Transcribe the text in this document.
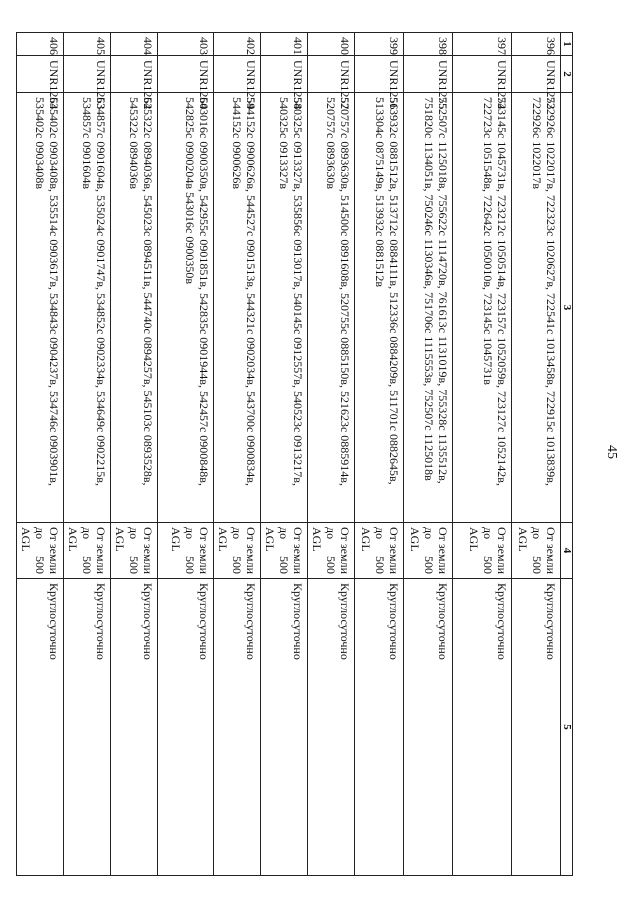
45
1	2	3	4	5
396	UNR1253	722926с 1022017в, 722323с 1020627в, 722541с 1013458в, 722915с 1013839в, 722926с 1022017в	От земли до 500 AGL	Круглосуточно
397	UNR1254	723145с 1045731в, 723212с 1050514в, 723157с 1052059в, 723127с 1052142в, 722723с 1051548в, 722642с 1050010в, 723145с 1045731в	От земли до 500 AGL	Круглосуточно
398	UNR1255	752507с 1125018в, 755622с 1114720в, 761613с 1131019в, 755328с 1135512в, 751820с 1134051в, 750246с 1130346в, 751706с 1115553в, 752507с 1125018в	От земли до 500 AGL	Круглосуточно
399	UNR1256	513932с 0881512в, 513712с 0884111в, 512336с 0884209в, 511701с 0882645в, 513304с 0875149в, 513932с 0881512в	От земли до 500 AGL	Круглосуточно
400	UNR1257	520757с 0893630в, 514500с 0891608в, 520755с 0885150в, 521623с 0885914в, 520757с 0893630в	От земли до 500 AGL	Круглосуточно
401	UNR1258	540325с 0913327в, 535856с 0913017в, 540145с 0912557в, 540523с 0913217в, 540325с 0913327в	От земли до 500 AGL	Круглосуточно
402	UNR1259	544152с 0900626в, 544527с 0901513в, 544321с 0902034в, 543700с 0900834в, 544152с 0900626в	От земли до 500 AGL	Круглосуточно
403	UNR1260	543016с 0900350в, 542955с 0901851в, 542835с 0901944в, 542457с 0900848в, 542825с 0900204в 543016с 0900350в	От земли до 500 AGL	Круглосуточно
404	UNR1262	545322с 0894036в, 545023с 0894511в, 544740с 0894257в, 545103с 0893528в, 545322с 0894036в	От земли до 500 AGL	Круглосуточно
405	UNR1263	534857с 0901604в, 535024с 0901747в, 534852с 0902334в, 534649с 0902215в, 534857с 0901604в	От земли до 500 AGL	Круглосуточно
406	UNR1264	535402с 0903408в, 535514с 0903617в, 534843с 0904237в, 534746с 0903901в, 535402с 0903408в	От земли до 500 AGL	Круглосуточно
